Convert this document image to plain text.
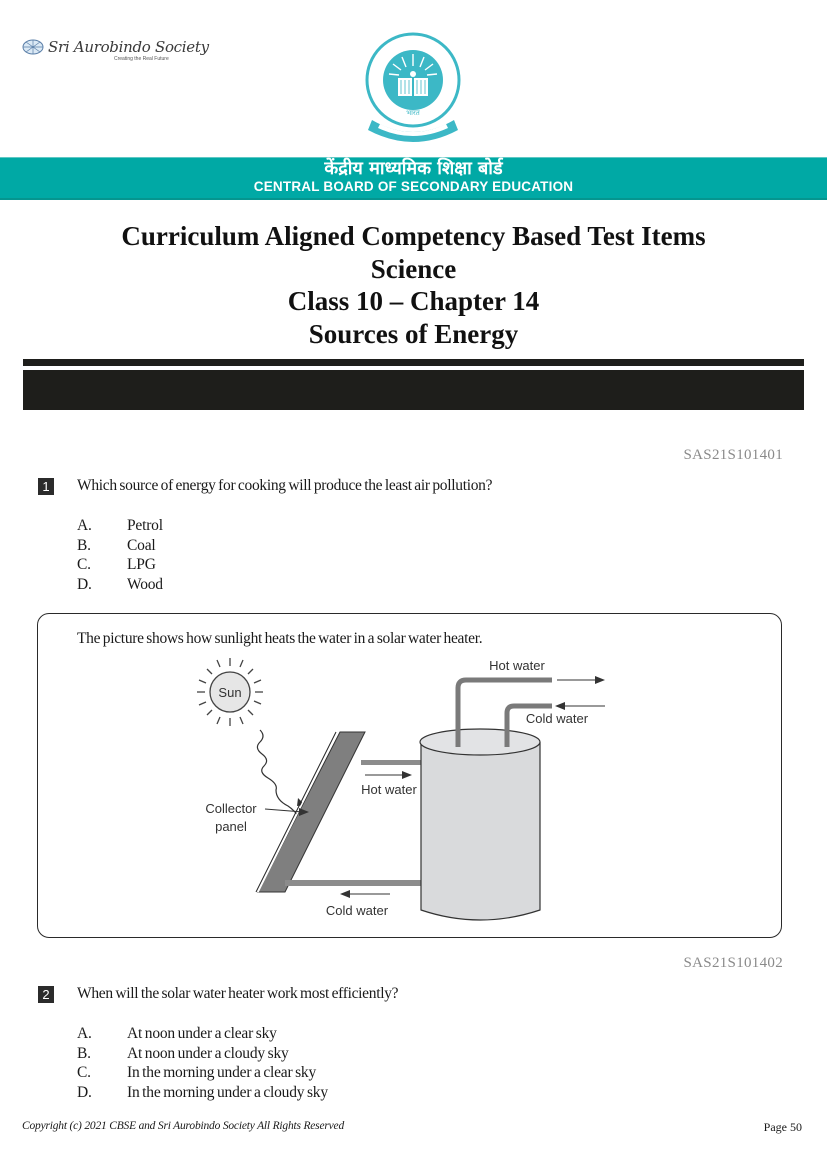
Sri Aurobindo Society
Creating the Real Future
भारत
केंद्रीय माध्यमिक शिक्षा बोर्ड
CENTRAL BOARD OF SECONDARY EDUCATION
Curriculum Aligned Competency Based Test Items
Science
Class 10 – Chapter 14
Sources of Energy
SAS21S101401
1 Which source of energy for cooking will produce the least air pollution?
A.	Petrol
B.	Coal
C.	LPG
D.	Wood
The picture shows how sunlight heats the water in a solar water heater.
Sun
Hot water
Cold water
Hot water
Cold water
Collector
panel
SAS21S101402
2 When will the solar water heater work most efficiently?
A.	At noon under a clear sky
B.	At noon under a cloudy sky
C.	In the morning under a clear sky
D.	In the morning under a cloudy sky
Copyright (c) 2021 CBSE and Sri Aurobindo Society All Rights Reserved	Page 50
